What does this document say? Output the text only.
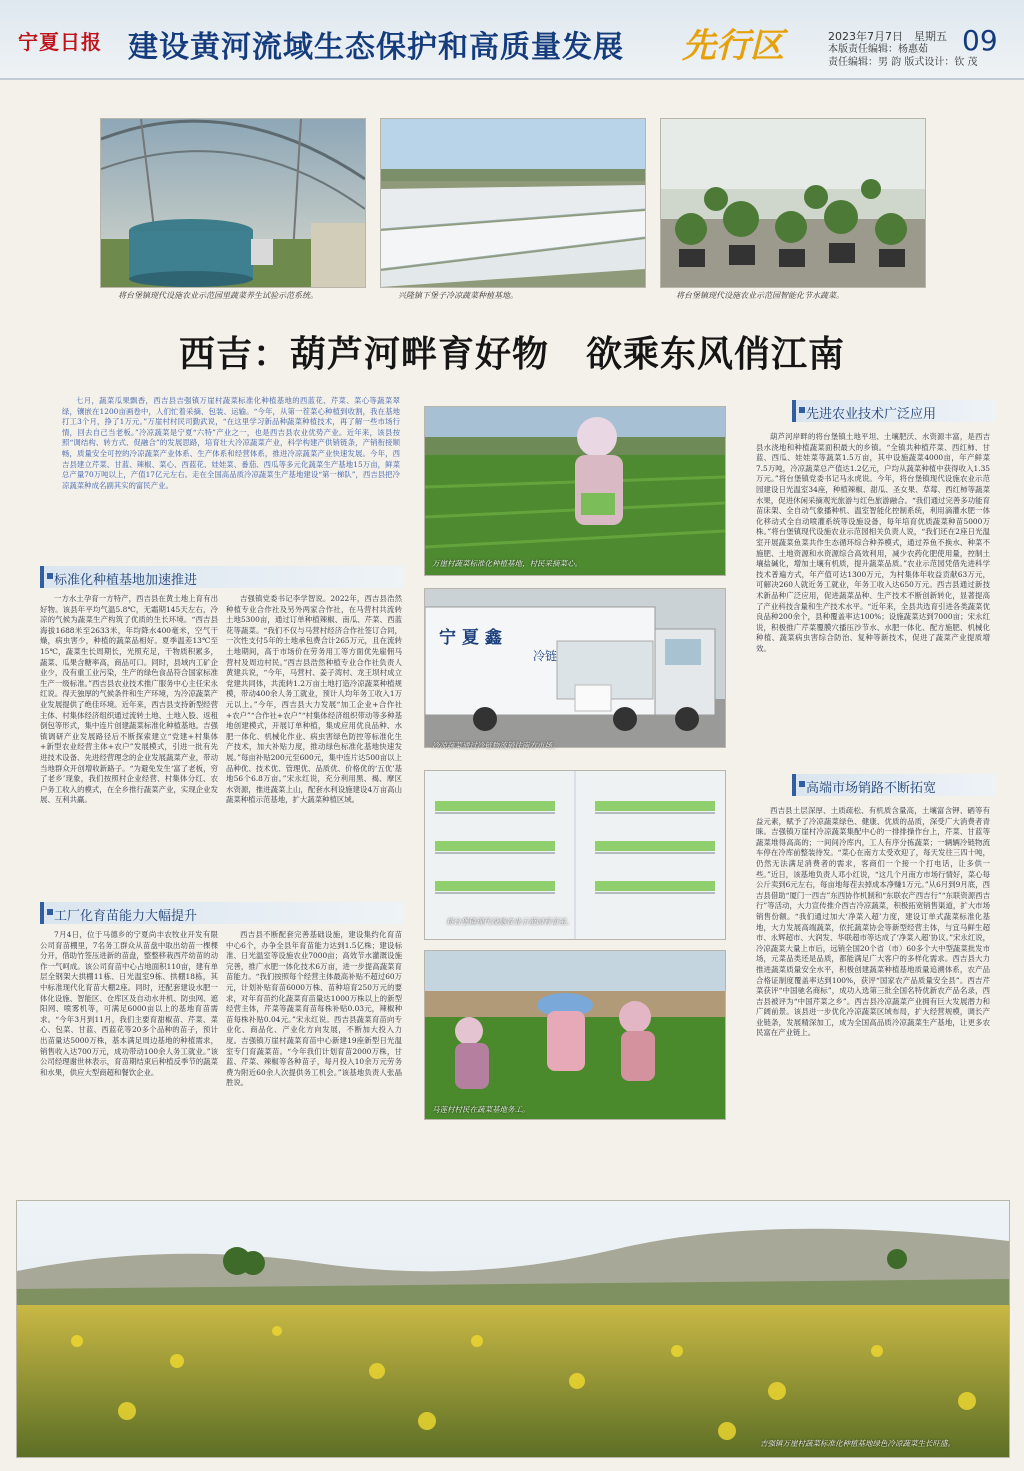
宁夏日报 建设黄河流域生态保护和高质量发展 先行区	2023年7月7日　星期五
本版责任编辑：杨惠茹
责任编辑：男 韵 版式设计：钦 茂
09
将台堡镇现代设施农业示范园里蔬菜养生试验示范系统。	兴隆镇下堡子冷凉蔬菜种植基地。	将台堡镇现代设施农业示范园智能化节水蔬菜。
西吉：葫芦河畔育好物　欲乘东风俏江南
七月，蔬菜瓜果飘香，西吉县吉强镇万崖村蔬菜标准化种植基地的西蓝花、芹菜、菜心等蔬菜翠绿，镶嵌在1200亩画卷中，人们忙着采摘、包装、运输。“今年，从第一茬菜心种植到收割，我在基地打工3个月，挣了1万元。”万崖村村民司勤武说，“在这里学习新品种蔬菜种植技术，再了解一些市场行情，回去自己当老板。”冷凉蔬菜是宁夏“六特”产业之一，也是西吉县农业优势产业。近年来，该县按照“调结构、转方式、促融合”的发展思路，培育壮大冷凉蔬菜产业，科学构建产供销链条，产销衔接顺畅，质量安全可控的冷凉蔬菜产业体系、生产体系和经营体系，推进冷凉蔬菜产业快速发展。今年，西吉县建立芹菜、甘蓝、辣椒、菜心、西蓝花、娃娃菜、番茄、西瓜等多元化蔬菜生产基地15万亩，鲜菜总产量70万吨以上，产值17亿元左右。走在全国高品质冷凉蔬菜生产基地建设“第一梯队”，西吉县把冷凉蔬菜种成名副其实的富民产业。
标准化种植基地加速推进
一方水土孕育一方特产，西吉县在黄土地上育有出好物。该县年平均气温5.8℃，无霜期145天左右，冷凉的气候为蔬菜生产构筑了优质的生长环境。“西吉县海拔1688米至2633米，年均降水400毫米，空气干燥，病虫害少，种植的蔬菜品相好。夏季温差13℃至15℃，蔬菜生长周期长，光照充足，干物质积累多，蔬菜、瓜果含糖率高，商品可口。同时，县域内工矿企业少，没有重工业污染，生产的绿色食品符合国家标准生产一级标准。”西吉县农业技术推广服务中心主任宋永红说。得天独厚的气候条件和生产环境，为冷凉蔬菜产业发展提供了绝佳环境。近年来，西吉县支持新型经营主体、村集体经济组织通过流转土地、土地入股、返租倒包等形式，集中连片创建蔬菜标准化种植基地。吉强镇调研产业发展路径后不断探索建立“党建+村集体+新型农业经营主体+农户”发展模式，引进一批有先进技术设备、先进经营理念的企业发展蔬菜产业，带动当地群众开创增收新路子。“为避免发生‘富了老板，穷了老乡’现象，我们按照村企业经营、村集体分红、农户务工收入的模式，在全乡推行蔬菜产业，实现企业发展、互利共赢。
吉强镇党委书记李学智说。2022年，西吉县浩然种植专业合作社及另外两家合作社，在马营村共流转土地5300亩，通过订单种植辣椒、南瓜、芹菜、西蓝花等蔬菜。“我们不仅与马营村经济合作社签订合同，一次性支付5年的土地承包费合计265万元，且在流转土地期间，高于市场价在劳务用工等方面优先雇佣马营村及周边村民。”西吉县浩然种植专业合作社负责人黄建兵说，“今年，马营村、姜子湾村、龙王坝村成立党建共同体，共流转1.2万亩土地打造冷凉蔬菜种植规模，带动400余人务工就业，预计人均年务工收入1万元以上。”今年，西吉县大力发展“加工企业+合作社+农户”“合作社+农户”“村集体经济组织带动等多种基地创建模式，开展订单种植，集成应用优良品种、水肥一体化、机械化作业、病虫害绿色防控等标准化生产技术，加大补贴力度，推动绿色标准化基地快速发展。”每亩补贴200元至600元，集中连片达500亩以上品种优、技术优、管理优、品质优、价格优的‘五优’基地56个6.8万亩。”宋永红说，充分利用黑、褐、摩区水资源，推进蔬菜上山，配套水利设施建设4万亩高山蔬菜种植示范基地，扩大蔬菜种植区域。
工厂化育苗能力大幅提升
7月4日，位于马德乡的宁夏尚丰农牧业开发有限公司育苗棚里，7名务工群众从苗盘中取出幼苗一棵棵分开，借助竹签压进新的苗盘，整整移栽西芹幼苗的动作一气呵成。该公司育苗中心占地面积110亩，建有单层全钢架大拱棚11栋、日光温室9栋、拱棚18栋，其中标准现代化育苗大棚2座。同时，还配套建设水肥一体化设施、智能区、仓库区及自动水井机、防虫网、遮阳网、喷雾机等，可满足6000亩以上的基地育苗需求。“今年3月到11月，我们主要育甜椒苗、芹菜、菜心、包菜、甘蓝、西蓝花等20多个品种的苗子，预计出苗量达5000万株，基本满足周边基地的种植需求，销售收入达700万元，成功带动100余人务工就业。”该公司经理谢世林表示，育苗期结束后种植反季节的蔬菜和水果，供应大型商超和餐饮企业。
西吉县不断配套完善基础设施，建设集约化育苗中心6个，办争全县年育苗能力达到1.5亿株；建设标准、日光温室等设施农业7000亩；高效节水灌溉设施完善，推广水肥一体化技术6万亩，进一步提高蔬菜育苗能力。“我们按照每个经营主体最高补贴不超过60万元，计划补贴育苗6000万株、苗种培育250万元的要求，对年育苗约化蔬菜育苗量达1000万株以上的新型经营主体，芹菜等蔬菜育苗每株补贴0.03元，辣椒种苗每株补贴0.04元。”宋永红说。西吉县蔬菜育苗向专业化、商品化、产业化方向发展，不断加大投入力度。吉强镇万崖村蔬菜育苗中心新建19座新型日光温室专门育蔬菜苗。“今年我们计划育苗2000万株，甘蓝、芹菜、辣椒等各种苗子，每月投入10余万元劳务费为附近60余人次提供务工机会。”该基地负责人张晶胜说。
万崖村蔬菜标准化种植基地，村民采摘菜心。
宁 夏 鑫
冷链
冷凉蔬菜通过冷链物流销往南方市场。
将台堡镇现代设施农业示范园育苗室。
马莲村村民在蔬菜基地务工。
先进农业技术广泛应用
葫芦河岸畔的将台堡镇土地平坦、土壤肥沃、水资源丰富，是西吉县水浇地和种植蔬菜面积最大的乡镇。“全镇共种植芹菜、西红柿、甘蓝、西瓜、娃娃菜等蔬菜1.5万亩，其中设施蔬菜4000亩，年产鲜菜7.5万吨，冷凉蔬菜总产值达1.2亿元，户均从蔬菜种植中获得收入1.35万元。”将台堡镇党委书记马永虎说。今年，将台堡镇现代设施农业示范园建设日光温室34座，种植辣椒、甜瓜、圣女果、草莓、西红柿等蔬菜水果，促进休闲采摘观光旅游与红色旅游融合。“我们通过完善多功能育苗床架、全自动气象播种机、温室智能化控制系统，利用滴灌水肥一体化移动式全自动喷灌系统等设施设备，每年培育优质蔬菜种苗5000万株。”将台堡镇现代设施农业示范园相关负责人说，“我们还在2座日光温室开展蔬菜鱼菜共作生态循环综合种养模式，通过养鱼不换水、种菜不施肥、土地资源和水资源综合高效利用，减少农药化肥使用量，控制土壤盐碱化，增加土壤有机质，提升蔬菜品质。”农业示范园凭借先进科学技术普遍方式，年产值可达1300万元，为村集体年收益贡献63万元，可解决260人就近务工就业，年务工收入达650万元。西吉县通过新技术新品种广泛应用，促进蔬菜品种、生产技术不断创新转化，显著提高了产业科技含量和生产技术水平。“近年来，全县共选育引进各类蔬菜优良品种200余个，县种覆盖率达100%；设施蔬菜达到7000亩；宋永红说，积极推广芹菜覆膜穴播压沙节水、水肥一体化、配方施肥、机械化种植、蔬菜病虫害综合防治、复种等新技术，促进了蔬菜产业提质增效。
高端市场销路不断拓宽
西吉县土层深厚、土质疏松、有机质含量高，土壤富含钾、硒等有益元素，赋予了冷凉蔬菜绿色、健康、优质的品质，深受广大消费者青睐。吉强镇万崖村冷凉蔬菜集配中心的一排排操作台上，芹菜、甘蓝等蔬菜堆得高高的；一间间冷库内，工人有序分拣蔬菜；一辆辆冷链物流车停在冷库前整装待发。“菜心在南方太受欢迎了，每天发往三四十吨，仍然无法满足消费者的需求，客商们一个接一个打电话，让多供一些。”近日，该基地负责人邓小红说，“这几个月南方市场行情好，菜心每公斤卖到6元左右，每亩地每茬去掉成本净赚1万元。”从6月到9月底，西吉县借助“厦门一西吉”东西协作机制和“东联农产西吉行”“东联资源西吉行”等活动，大力宣传推介西吉冷凉蔬菜，积极拓宽销售渠道，扩大市场销售份额。“我们通过加大‘净菜入超’力度，建设订单式蔬菜标准化基地，大力发展高端蔬菜，依托蔬菜协会等新型经营主体，与宜马鲜生超市、永辉超市、大润发、华联超市等达成了‘净菜入超’协议。”宋永红说，冷凉蔬菜大量上市后，远销全国20个省（市）60多个大中型蔬菜批发市场，元菜品类还是品质，都能满足广大客户的多样化需求。西吉县大力推进蔬菜质量安全水平，积极创建蔬菜种植基地质量追溯体系，农产品合格证制度覆盖率达到100%，获评“国家农产品质量安全县”。西吉芹菜获评“中国驰名商标”，成功入选第三批全国名特优新农产品名录，西吉县被评为“中国芹菜之乡”。西吉县冷凉蔬菜产业拥有巨大发展潜力和广阔前景。该县进一步优化冷凉蔬菜区域布局，扩大经营规模，调长产业链条，发展精深加工，成为全国高品质冷凉蔬菜生产基地，让更多农民富在产业链上。
吉强镇万崖村蔬菜标准化种植基地绿色冷凉蔬菜生长旺盛。
